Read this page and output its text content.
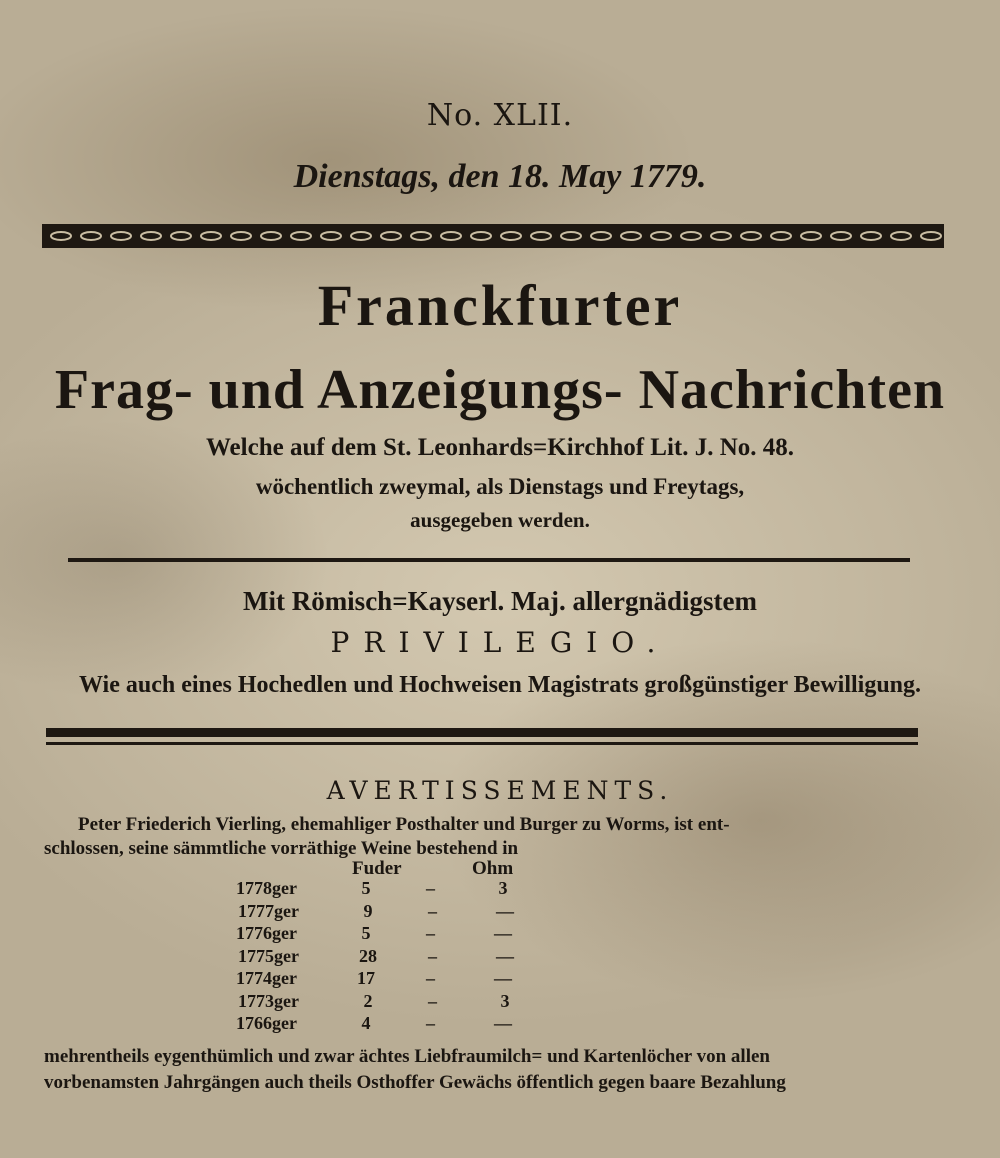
No. XLII.
Dienstags, den 18. May 1779.
Franckfurter
Frag- und Anzeigungs- Nachrichten
Welche auf dem St. Leonhards=Kirchhof Lit. J. No. 48.
wöchentlich zweymal, als Dienstags und Freytags,
ausgegeben werden.
Mit Römisch=Kayserl. Maj. allergnädigstem
PRIVILEGIO.
Wie auch eines Hochedlen und Hochweisen Magistrats großgünstiger Bewilligung.
AVERTISSEMENTS.
Peter Friederich Vierling, ehemahliger Posthalter und Burger zu Worms, ist ent-
schlossen, seine sämmtliche vorräthige Weine bestehend in
Fuder	Ohm
1778ger	5	–	3
1777ger	9	–	—
1776ger	5	–	—
1775ger	28	–	—
1774ger	17	–	—
1773ger	2	–	3
1766ger	4	–	—
mehrentheils eygenthümlich und zwar ächtes Liebfraumilch= und Kartenlöcher von allen
vorbenamsten Jahrgängen auch theils Osthoffer Gewächs öffentlich gegen baare Bezahlung
